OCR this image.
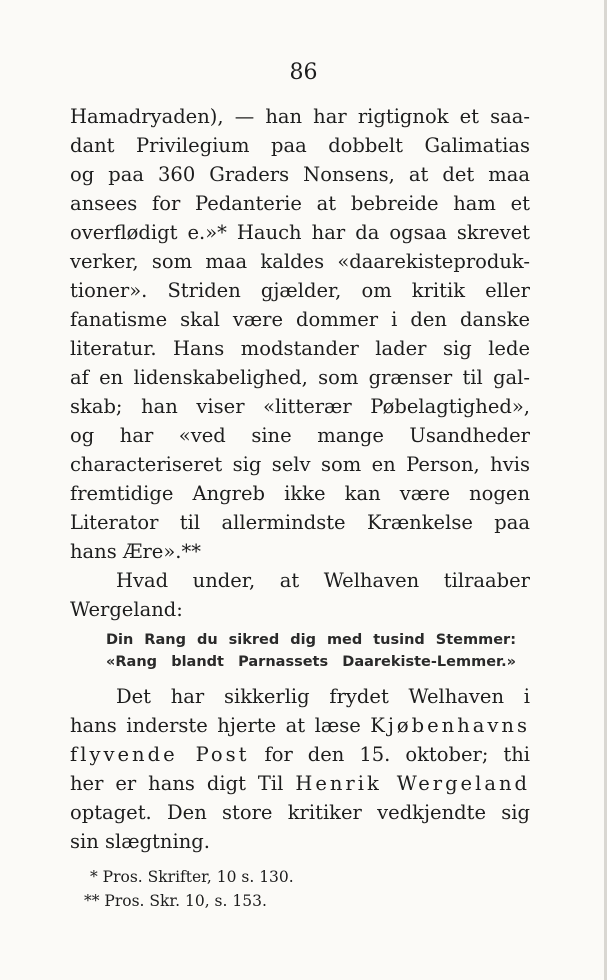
86
Hamadryaden), — han har rigtignok et saa-
dant Privilegium paa dobbelt Galimatias
og paa 360 Graders Nonsens, at det maa
ansees for Pedanterie at bebreide ham et
overflødigt e.»* Hauch har da ogsaa skrevet
verker, som maa kaldes «daarekisteproduk-
tioner». Striden gjælder, om kritik eller
fanatisme skal være dommer i den danske
literatur. Hans modstander lader sig lede
af en lidenskabelighed, som grænser til gal-
skab; han viser «litterær Pøbelagtighed»,
og har «ved sine mange Usandheder
characteriseret sig selv som en Person, hvis
fremtidige Angreb ikke kan være nogen
Literator til allermindste Krænkelse paa
hans Ære».**
Hvad under, at Welhaven tilraaber
Wergeland:
Din Rang du sikred dig med tusind Stemmer:
«Rang blandt Parnassets Daarekiste-Lemmer.»
Det har sikkerlig frydet Welhaven i
hans inderste hjerte at læse Kjøbenhavns
flyvende Post for den 15. oktober; thi
her er hans digt Til Henrik Wergeland
optaget. Den store kritiker vedkjendte sig
sin slægtning.
* Pros. Skrifter, 10 s. 130.
** Pros. Skr. 10, s. 153.
